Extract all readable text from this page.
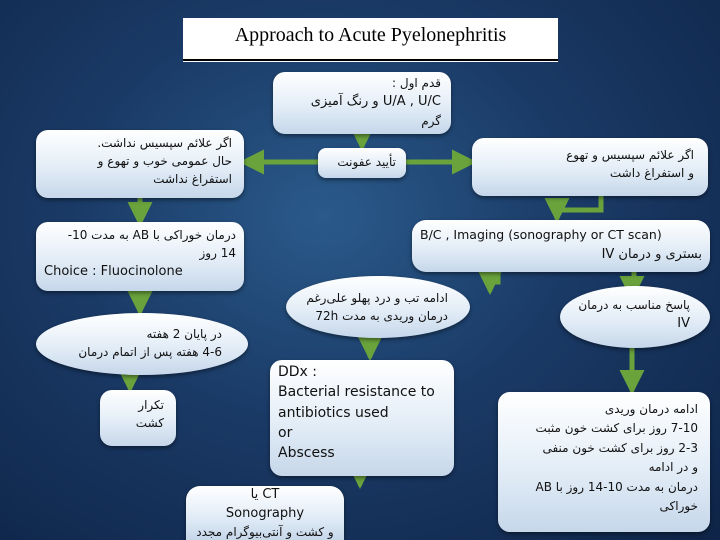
Approach to Acute Pyelonephritis
قدم اول :
U/A , U/C و رنگ آمیزی
گرم
تأیید عفونت
اگر علائم سپسیس نداشت.
حال عمومی خوب و تهوع و
استفراغ نداشت
اگر علائم سپسیس و تهوع
و استفراغ داشت
درمان خوراکی با AB به مدت 10-
14 روز
Choice : Fluocinolone
B/C , Imaging (sonography or CT scan)
بستری و درمان IV
ادامه تب و درد پهلو علی‌رغم
درمان وریدی به مدت 72h
پاسخ مناسب به درمان
IV
در پایان 2 هفته
4-6 هفته پس از اتمام درمان
تکرار
کشت
DDx :
Bacterial resistance to
antibiotics used
or
Abscess
ادامه درمان وریدی
7-10 روز برای کشت خون مثبت
2-3 روز برای کشت خون منفی
و در ادامه
درمان به مدت 10-14 روز با AB
خوراکی
CT یا
Sonography
و کشت و آنتی‌بیوگرام مجدد
